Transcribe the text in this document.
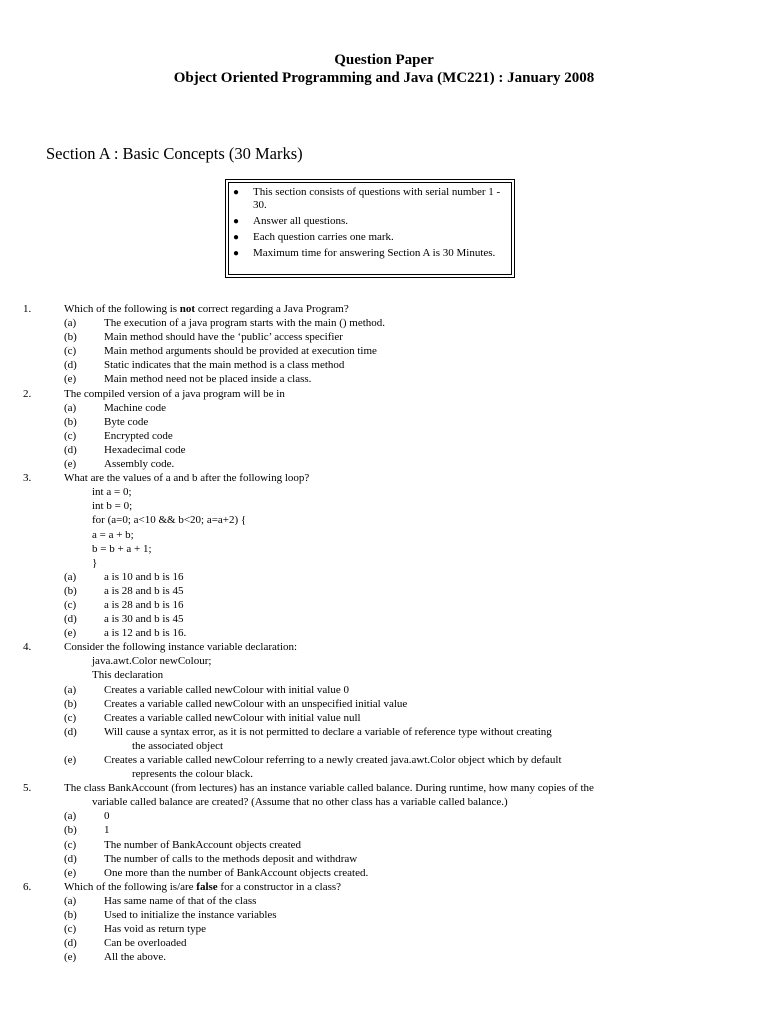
Question Paper
Object Oriented Programming and Java (MC221) : January 2008
Section A : Basic Concepts (30 Marks)
● This section consists of questions with serial number 1 - 30.
● Answer all questions.
● Each question carries one mark.
● Maximum time for answering Section A is 30 Minutes.
1.	Which of the following is not correct regarding a Java Program?
(a)	The execution of a java program starts with the main () method.
(b) Main method should have the ‘public’ access specifier
(c)	Main method arguments should be provided at execution time
(d) Static indicates that the main method is a class method
(e)	Main method need not be placed inside a class.
2.	The compiled version of a java program will be in
(a)	Machine code
(b) Byte code
(c)	Encrypted code
(d) Hexadecimal code
(e)	Assembly code.
3.	What are the values of a and b after the following loop?
int a = 0;
int b = 0;
for (a=0; a<10 && b<20; a=a+2) {
a = a + b;
b = b + a + 1;
}
(a)	a is 10 and b is 16
(b) a is 28 and b is 45
(c)	a is 28 and b is 16
(d) a is 30 and b is 45
(e)	a is 12 and b is 16.
4.	Consider the following instance variable declaration:
java.awt.Color newColour;
This declaration
(a)	Creates a variable called newColour with initial value 0
(b) Creates a variable called newColour with an unspecified initial value
(c)	Creates a variable called newColour with initial value null
(d) Will cause a syntax error, as it is not permitted to declare a variable of reference type without creating
the associated object
(e)	Creates a variable called newColour referring to a newly created java.awt.Color object which by default
represents the colour black.
5.	The class BankAccount (from lectures) has an instance variable called balance. During runtime, how many copies of the
variable called balance are created? (Assume that no other class has a variable called balance.)
(a)	0
(b) 1
(c)	The number of BankAccount objects created
(d) The number of calls to the methods deposit and withdraw
(e)	One more than the number of BankAccount objects created.
6.	Which of the following is/are false for a constructor in a class?
(a)	Has same name of that of the class
(b) Used to initialize the instance variables
(c)	Has void as return type
(d) Can be overloaded
(e)	All the above.
